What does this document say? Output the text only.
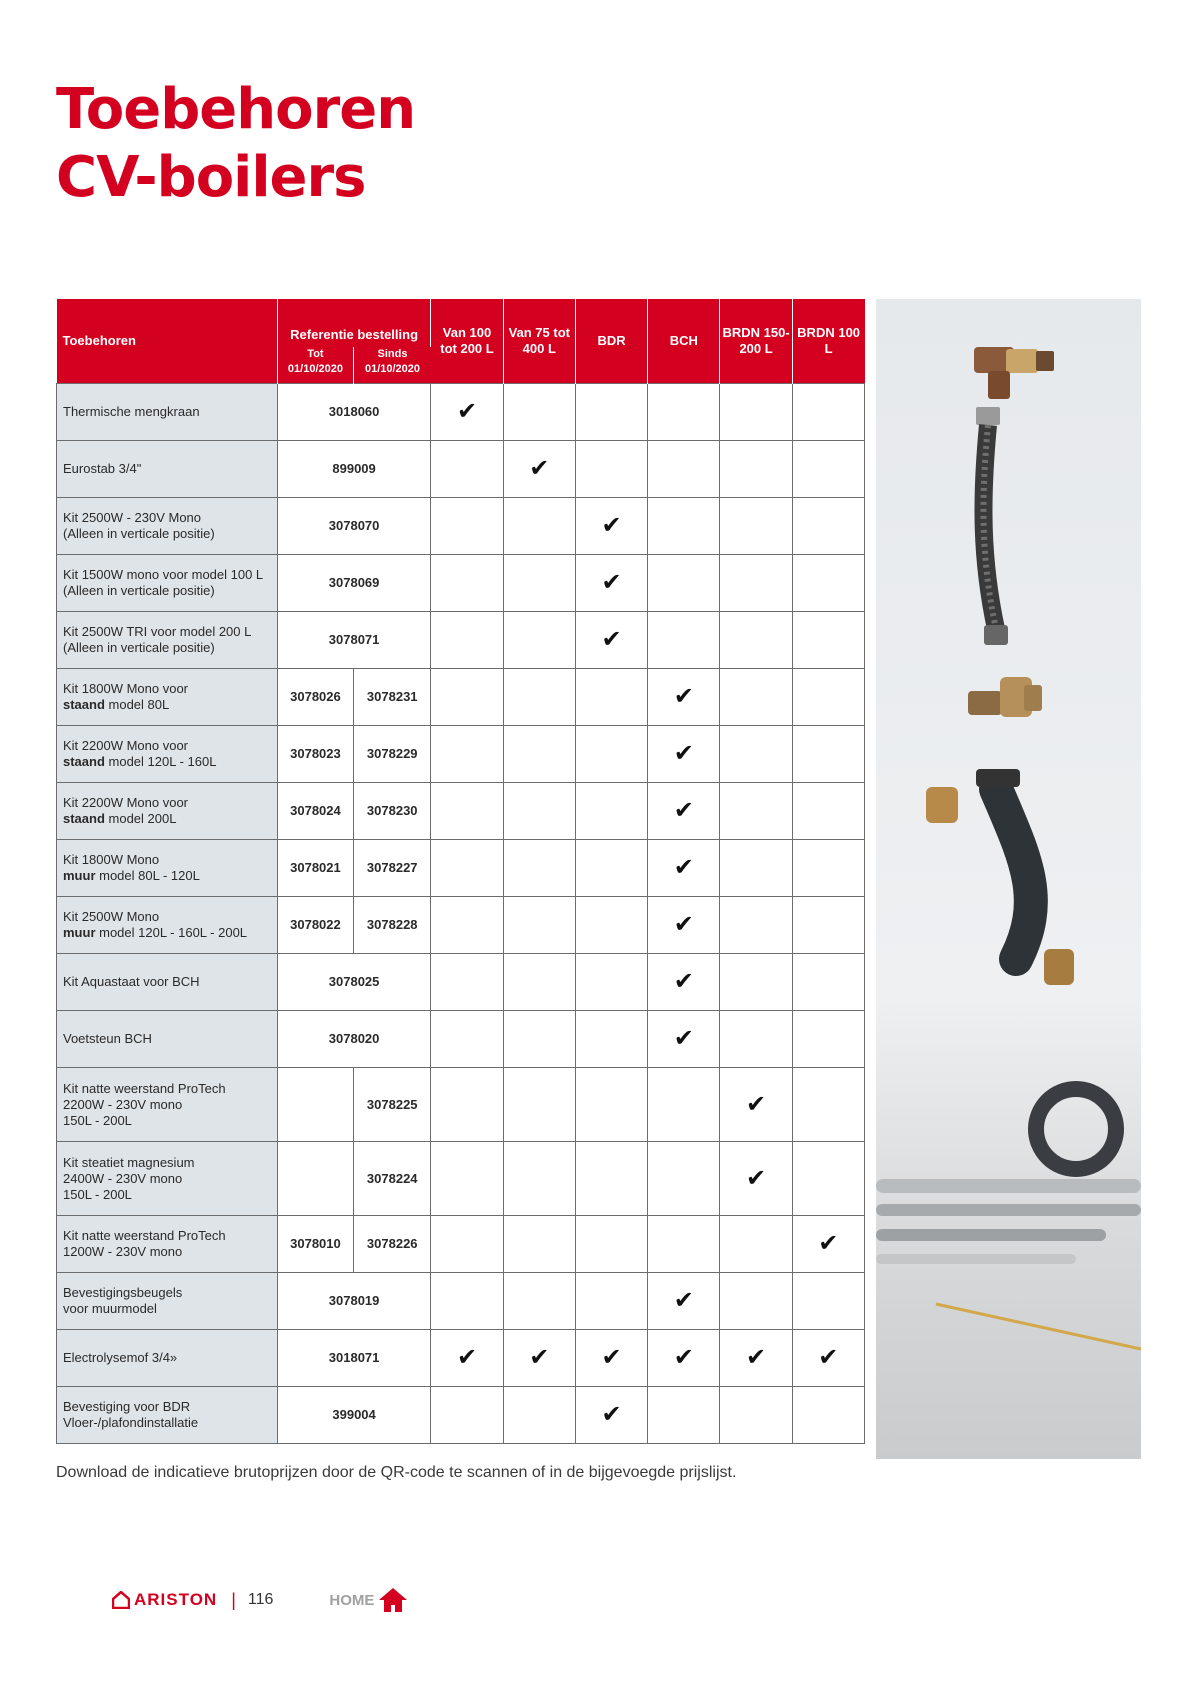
Toebehoren
CV-boilers
Toebehoren	Referentie bestelling		Van 100 tot 200 L	Van 75 tot 400 L	BDR	BCH	BRDN 150-200 L	BRDN 100 L
	Tot 01/10/2020	Sinds 01/10/2020						
Thermische mengkraan	3018060		✔					
Eurostab 3/4"	899009			✔				

Kit 2500W - 230V Mono
(Alleen in verticale positie)	3078070				✔			

Kit 1500W mono voor model 100 L
(Alleen in verticale positie)	3078069				✔			

Kit 2500W TRI voor model 200 L
(Alleen in verticale positie)	3078071				✔			

Kit 1800W Mono voor
staand model 80L	3078026	3078231				✔		

Kit 2200W Mono voor
staand model 120L - 160L	3078023	3078229				✔		

Kit 2200W Mono voor
staand model 200L	3078024	3078230				✔		

Kit 1800W Mono
muur model 80L - 120L	3078021	3078227				✔		

Kit 2500W Mono
muur model 120L - 160L - 200L	3078022	3078228				✔		
Kit Aquastaat voor BCH	3078025					✔		
Voetsteun BCH	3078020					✔		

Kit natte weerstand ProTech
2200W - 230V mono
150L - 200L		3078225					✔	

Kit steatiet magnesium
2400W - 230V mono
150L - 200L		3078224					✔	

Kit natte weerstand ProTech
1200W - 230V mono	3078010	3078226						✔

Bevestigingsbeugels
voor muurmodel	3078019					✔		
Electrolysemof 3/4»	3018071		✔	✔	✔	✔	✔	✔

Bevestiging voor BDR
Vloer-/plafondinstallatie	399004				✔			

Download de indicatieve brutoprijzen door de QR-code te scannen of in de bijgevoegde prijslijst.

ARISTON | 116	HOME
